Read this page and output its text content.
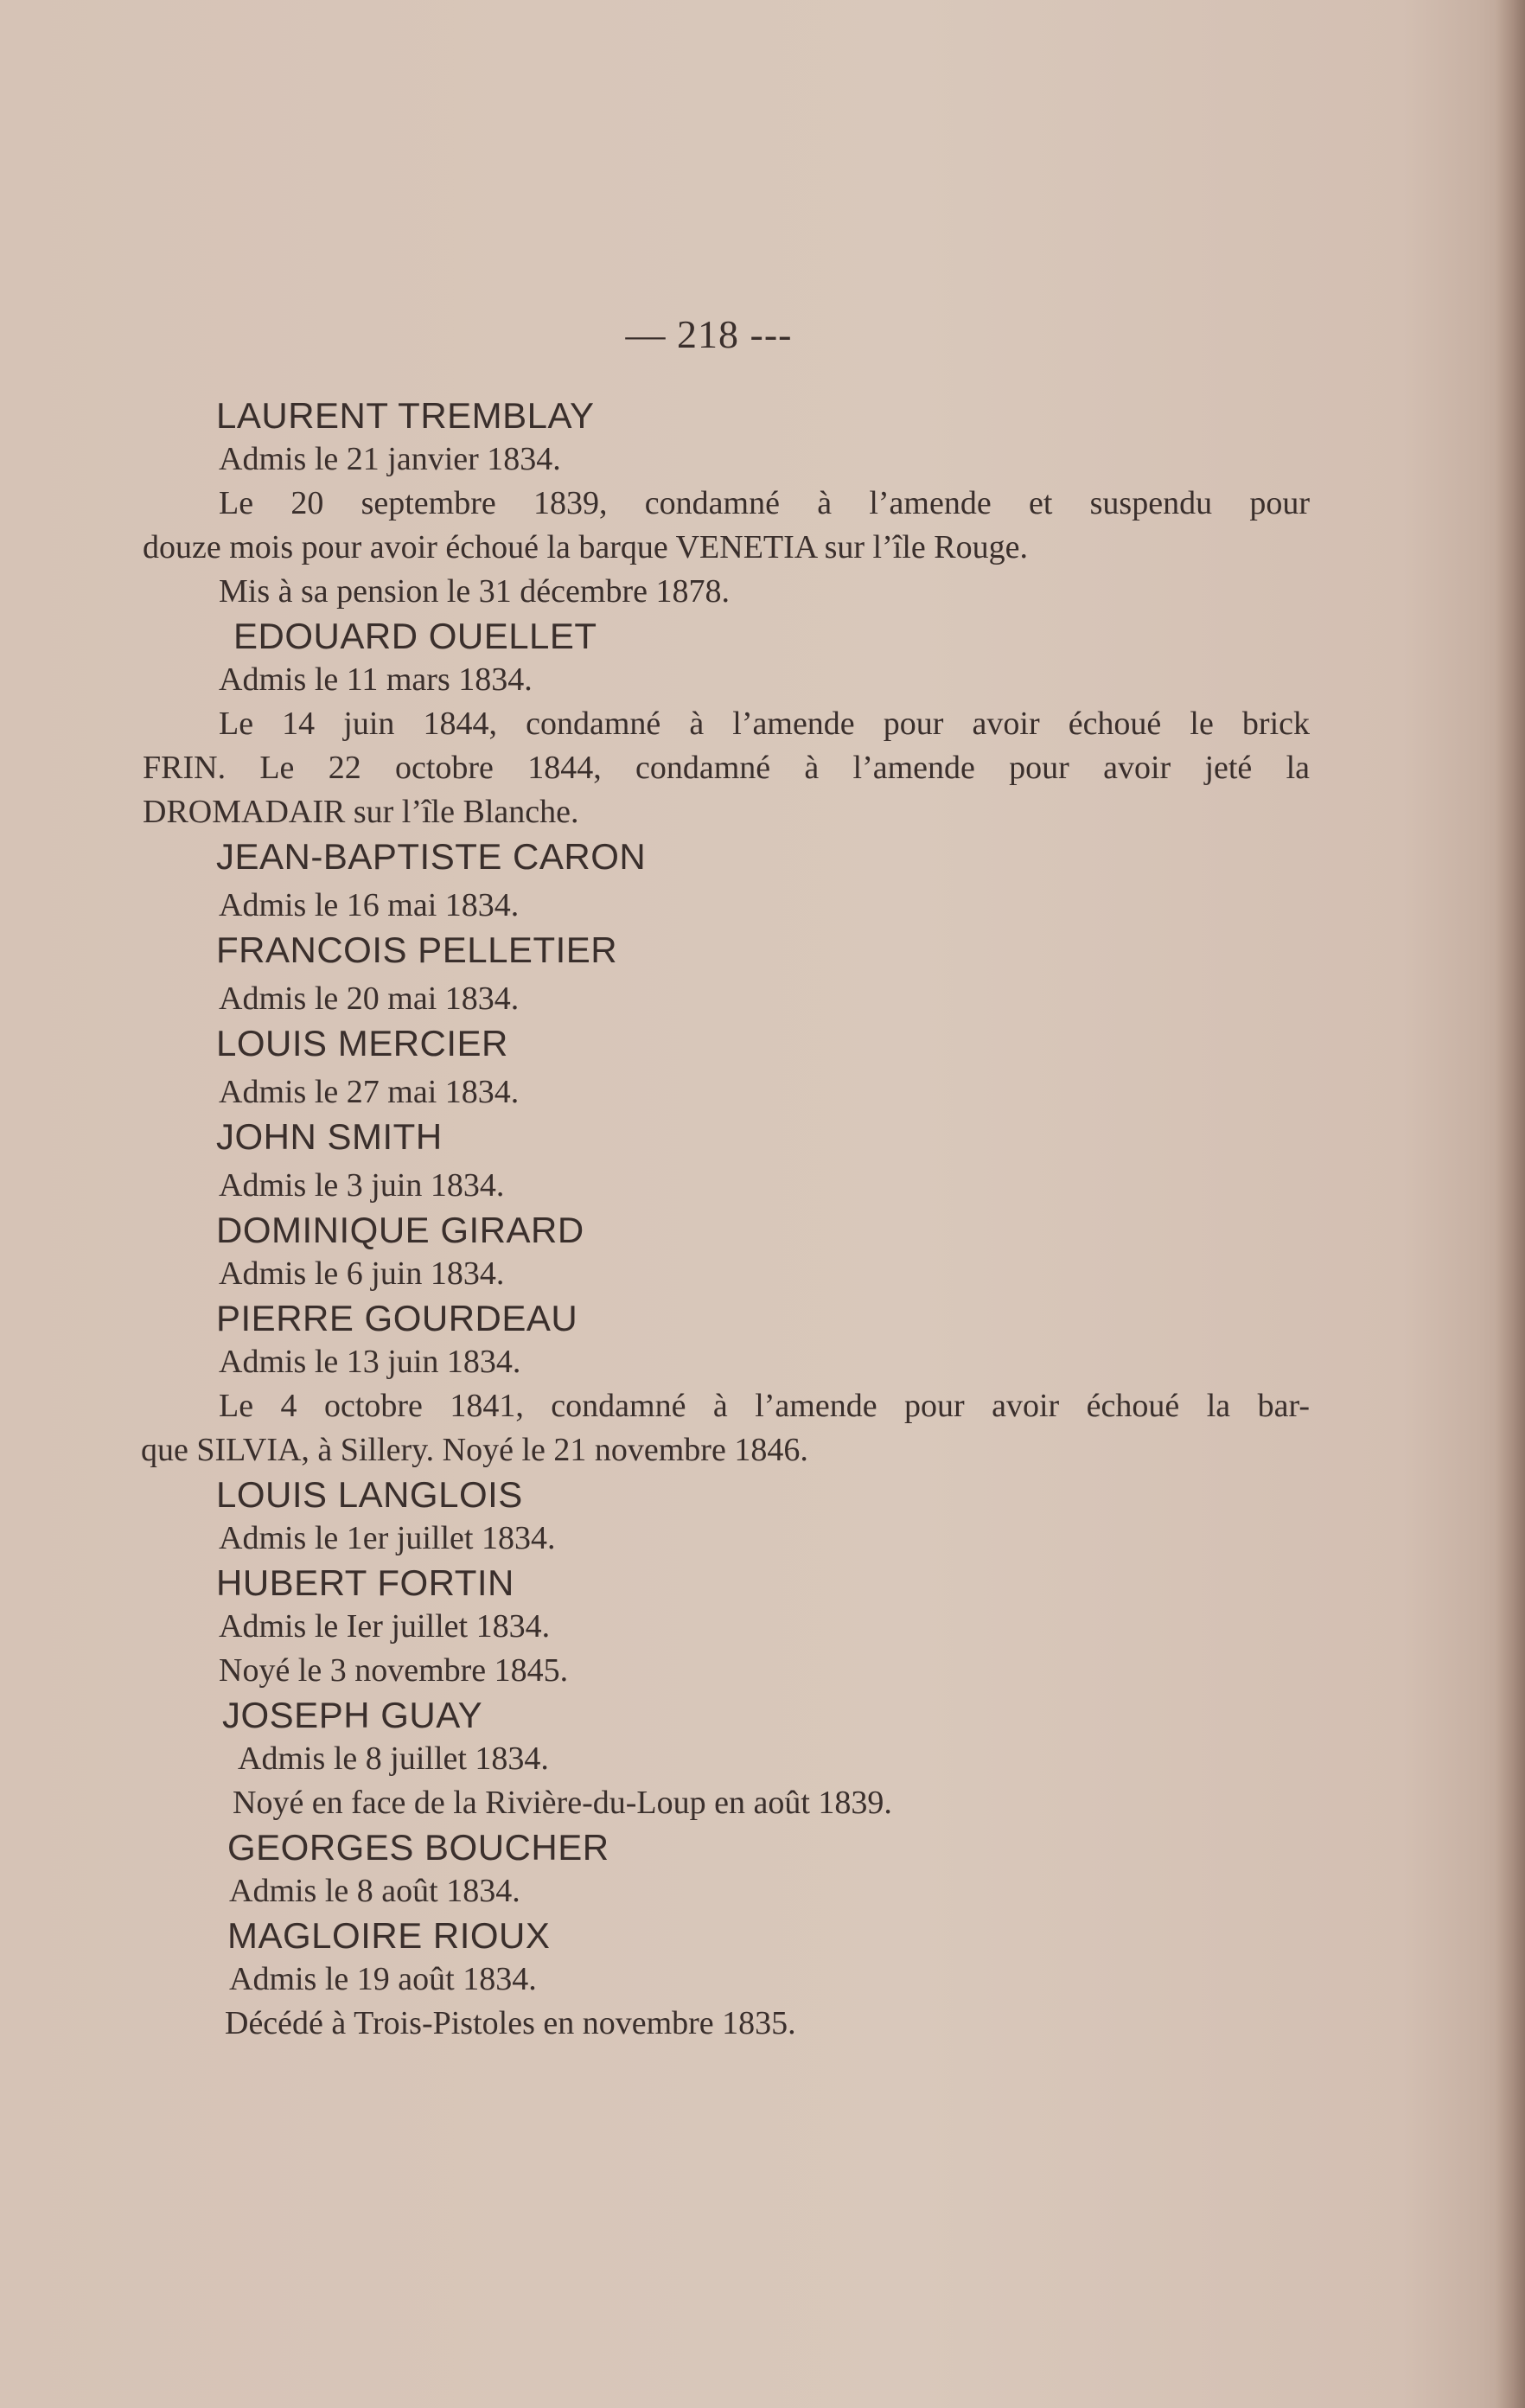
— 218 ---
LAURENT TREMBLAY
Admis le 21 janvier 1834.
Le 20 septembre 1839, condamné à l’amende et suspendu pour
douze mois pour avoir échoué la barque VENETIA sur l’île Rouge.
Mis à sa pension le 31 décembre 1878.
EDOUARD OUELLET
Admis le 11 mars 1834.
Le 14 juin 1844, condamné à l’amende pour avoir échoué le brick
FRIN. Le 22 octobre 1844, condamné à l’amende pour avoir jeté la
DROMADAIR sur l’île Blanche.
JEAN-BAPTISTE CARON
Admis le 16 mai 1834.
FRANCOIS PELLETIER
Admis le 20 mai 1834.
LOUIS MERCIER
Admis le 27 mai 1834.
JOHN SMITH
Admis le 3 juin 1834.
DOMINIQUE GIRARD
Admis le 6 juin 1834.
PIERRE GOURDEAU
Admis le 13 juin 1834.
Le 4 octobre 1841, condamné à l’amende pour avoir échoué la bar-
que SILVIA, à Sillery. Noyé le 21 novembre 1846.
LOUIS LANGLOIS
Admis le 1er juillet 1834.
HUBERT FORTIN
Admis le Ier juillet 1834.
Noyé le 3 novembre 1845.
JOSEPH GUAY
Admis le 8 juillet 1834.
Noyé en face de la Rivière-du-Loup en août 1839.
GEORGES BOUCHER
Admis le 8 août 1834.
MAGLOIRE RIOUX
Admis le 19 août 1834.
Décédé à Trois-Pistoles en novembre 1835.
